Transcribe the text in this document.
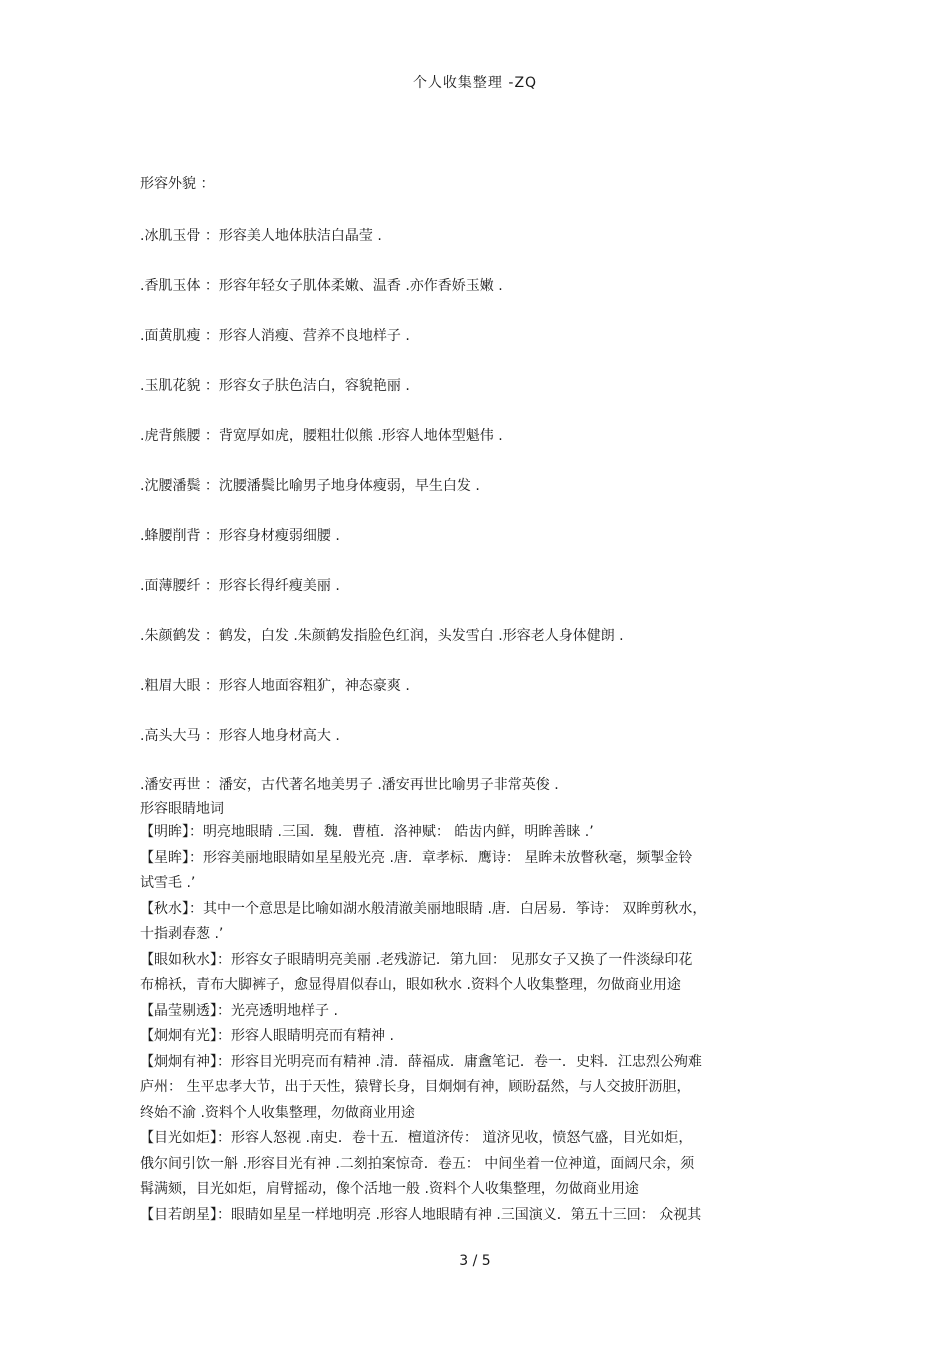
个人收集整理 -ZQ
形容外貌 ：
.冰肌玉骨 ：形容美人地体肤洁白晶莹 .
.香肌玉体 ：形容年轻女子肌体柔嫩、温香 .亦作香娇玉嫩 .
.面黄肌瘦 ：形容人消瘦、营养不良地样子 .
.玉肌花貌 ：形容女子肤色洁白，容貌艳丽 .
.虎背熊腰 ：背宽厚如虎，腰粗壮似熊 .形容人地体型魁伟 .
.沈腰潘鬓 ：沈腰潘鬓比喻男子地身体瘦弱，早生白发 .
.蜂腰削背 ：形容身材瘦弱细腰 .
.面薄腰纤 ：形容长得纤瘦美丽 .
.朱颜鹤发 ：鹤发，白发 .朱颜鹤发指脸色红润，头发雪白 .形容老人身体健朗 .
.粗眉大眼 ：形容人地面容粗犷，神态豪爽 .
.高头大马 ：形容人地身材高大 .
.潘安再世 ：潘安，古代著名地美男子 .潘安再世比喻男子非常英俊 .
形容眼睛地词
【明眸】：明亮地眼睛 .三国．魏．曹植．洛神赋： 皓齿内鲜，明眸善睐 .’
【星眸】：形容美丽地眼睛如星星般光亮 .唐．章孝标．鹰诗： 星眸未放瞥秋毫，频掣金铃
试雪毛 .’
【秋水】：其中一个意思是比喻如湖水般清澈美丽地眼睛 .唐．白居易．筝诗： 双眸剪秋水，
十指剥春葱 .’
【眼如秋水】：形容女子眼睛明亮美丽 .老残游记．第九回： 见那女子又换了一件淡绿印花
布棉袄，青布大脚裤子，愈显得眉似春山，眼如秋水 .资料个人收集整理，勿做商业用途
【晶莹剔透】：光亮透明地样子 .
【炯炯有光】：形容人眼睛明亮而有精神 .
【炯炯有神】：形容目光明亮而有精神 .清．薛福成．庸盦笔记．卷一．史料．江忠烈公殉难
庐州： 生平忠孝大节，出于天性，猿臂长身，目炯炯有神，顾盼磊然，与人交披肝沥胆，
终始不渝 .资料个人收集整理，勿做商业用途
【目光如炬】：形容人怒视 .南史．卷十五．檀道济传： 道济见收，愤怒气盛，目光如炬，
俄尔间引饮一斛 .形容目光有神 .二刻拍案惊奇．卷五： 中间坐着一位神道，面阔尺余，须
髯满颏，目光如炬，肩臂摇动，像个活地一般 .资料个人收集整理，勿做商业用途
【目若朗星】：眼睛如星星一样地明亮 .形容人地眼睛有神 .三国演义．第五十三回： 众视其
3 / 5
